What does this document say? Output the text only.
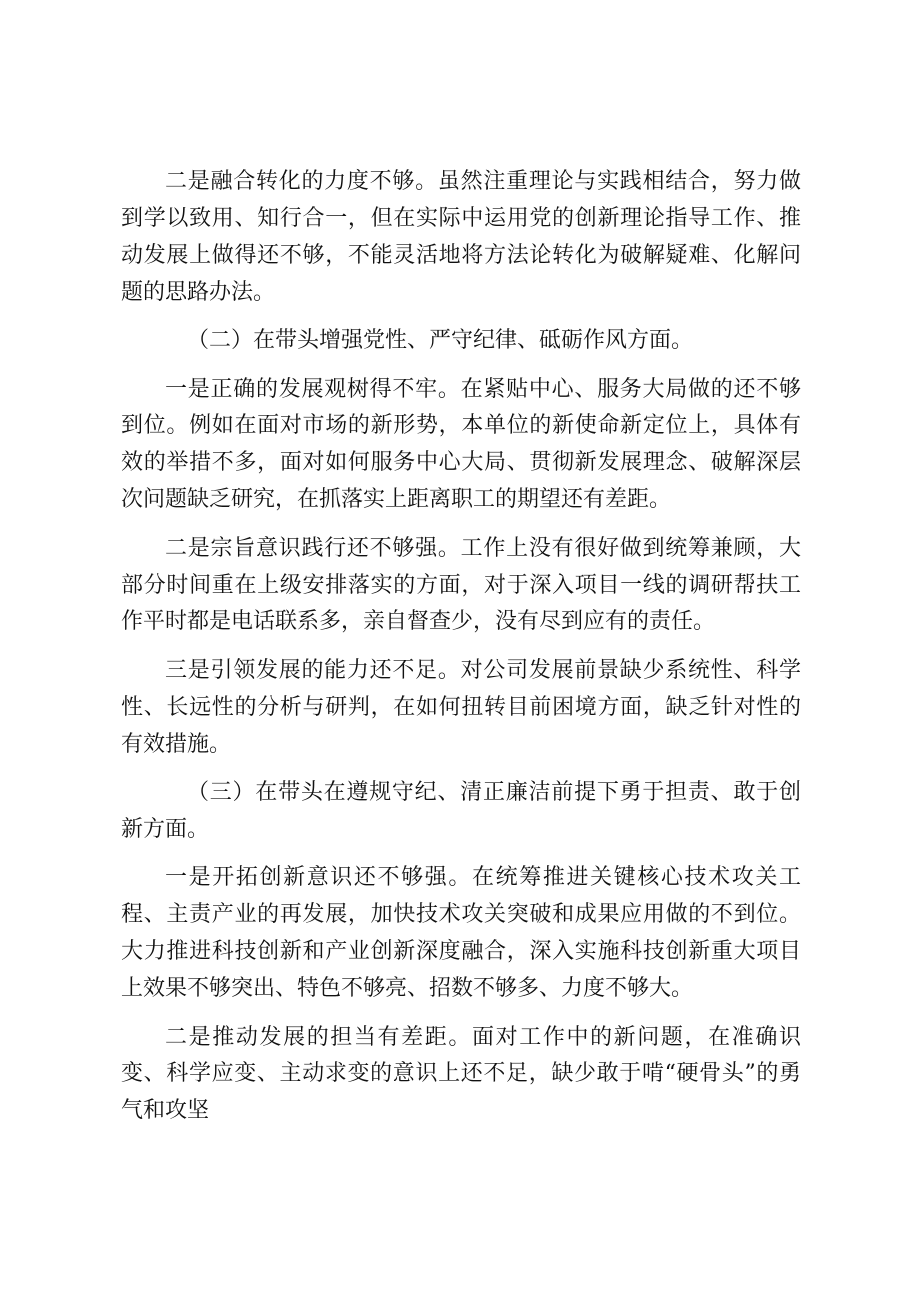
二是融合转化的力度不够。虽然注重理论与实践相结合，努力做到学以致用、知行合一，但在实际中运用党的创新理论指导工作、推动发展上做得还不够，不能灵活地将方法论转化为破解疑难、化解问题的思路办法。

（二）在带头增强党性、严守纪律、砥砺作风方面。

一是正确的发展观树得不牢。在紧贴中心、服务大局做的还不够到位。例如在面对市场的新形势，本单位的新使命新定位上，具体有效的举措不多，面对如何服务中心大局、贯彻新发展理念、破解深层次问题缺乏研究，在抓落实上距离职工的期望还有差距。

二是宗旨意识践行还不够强。工作上没有很好做到统筹兼顾，大部分时间重在上级安排落实的方面，对于深入项目一线的调研帮扶工作平时都是电话联系多，亲自督查少，没有尽到应有的责任。

三是引领发展的能力还不足。对公司发展前景缺少系统性、科学性、长远性的分析与研判，在如何扭转目前困境方面，缺乏针对性的有效措施。

（三）在带头在遵规守纪、清正廉洁前提下勇于担责、敢于创新方面。

一是开拓创新意识还不够强。在统筹推进关键核心技术攻关工程、主责产业的再发展，加快技术攻关突破和成果应用做的不到位。大力推进科技创新和产业创新深度融合，深入实施科技创新重大项目上效果不够突出、特色不够亮、招数不够多、力度不够大。

二是推动发展的担当有差距。面对工作中的新问题，在准确识变、科学应变、主动求变的意识上还不足，缺少敢于啃“硬骨头”的勇气和攻坚
